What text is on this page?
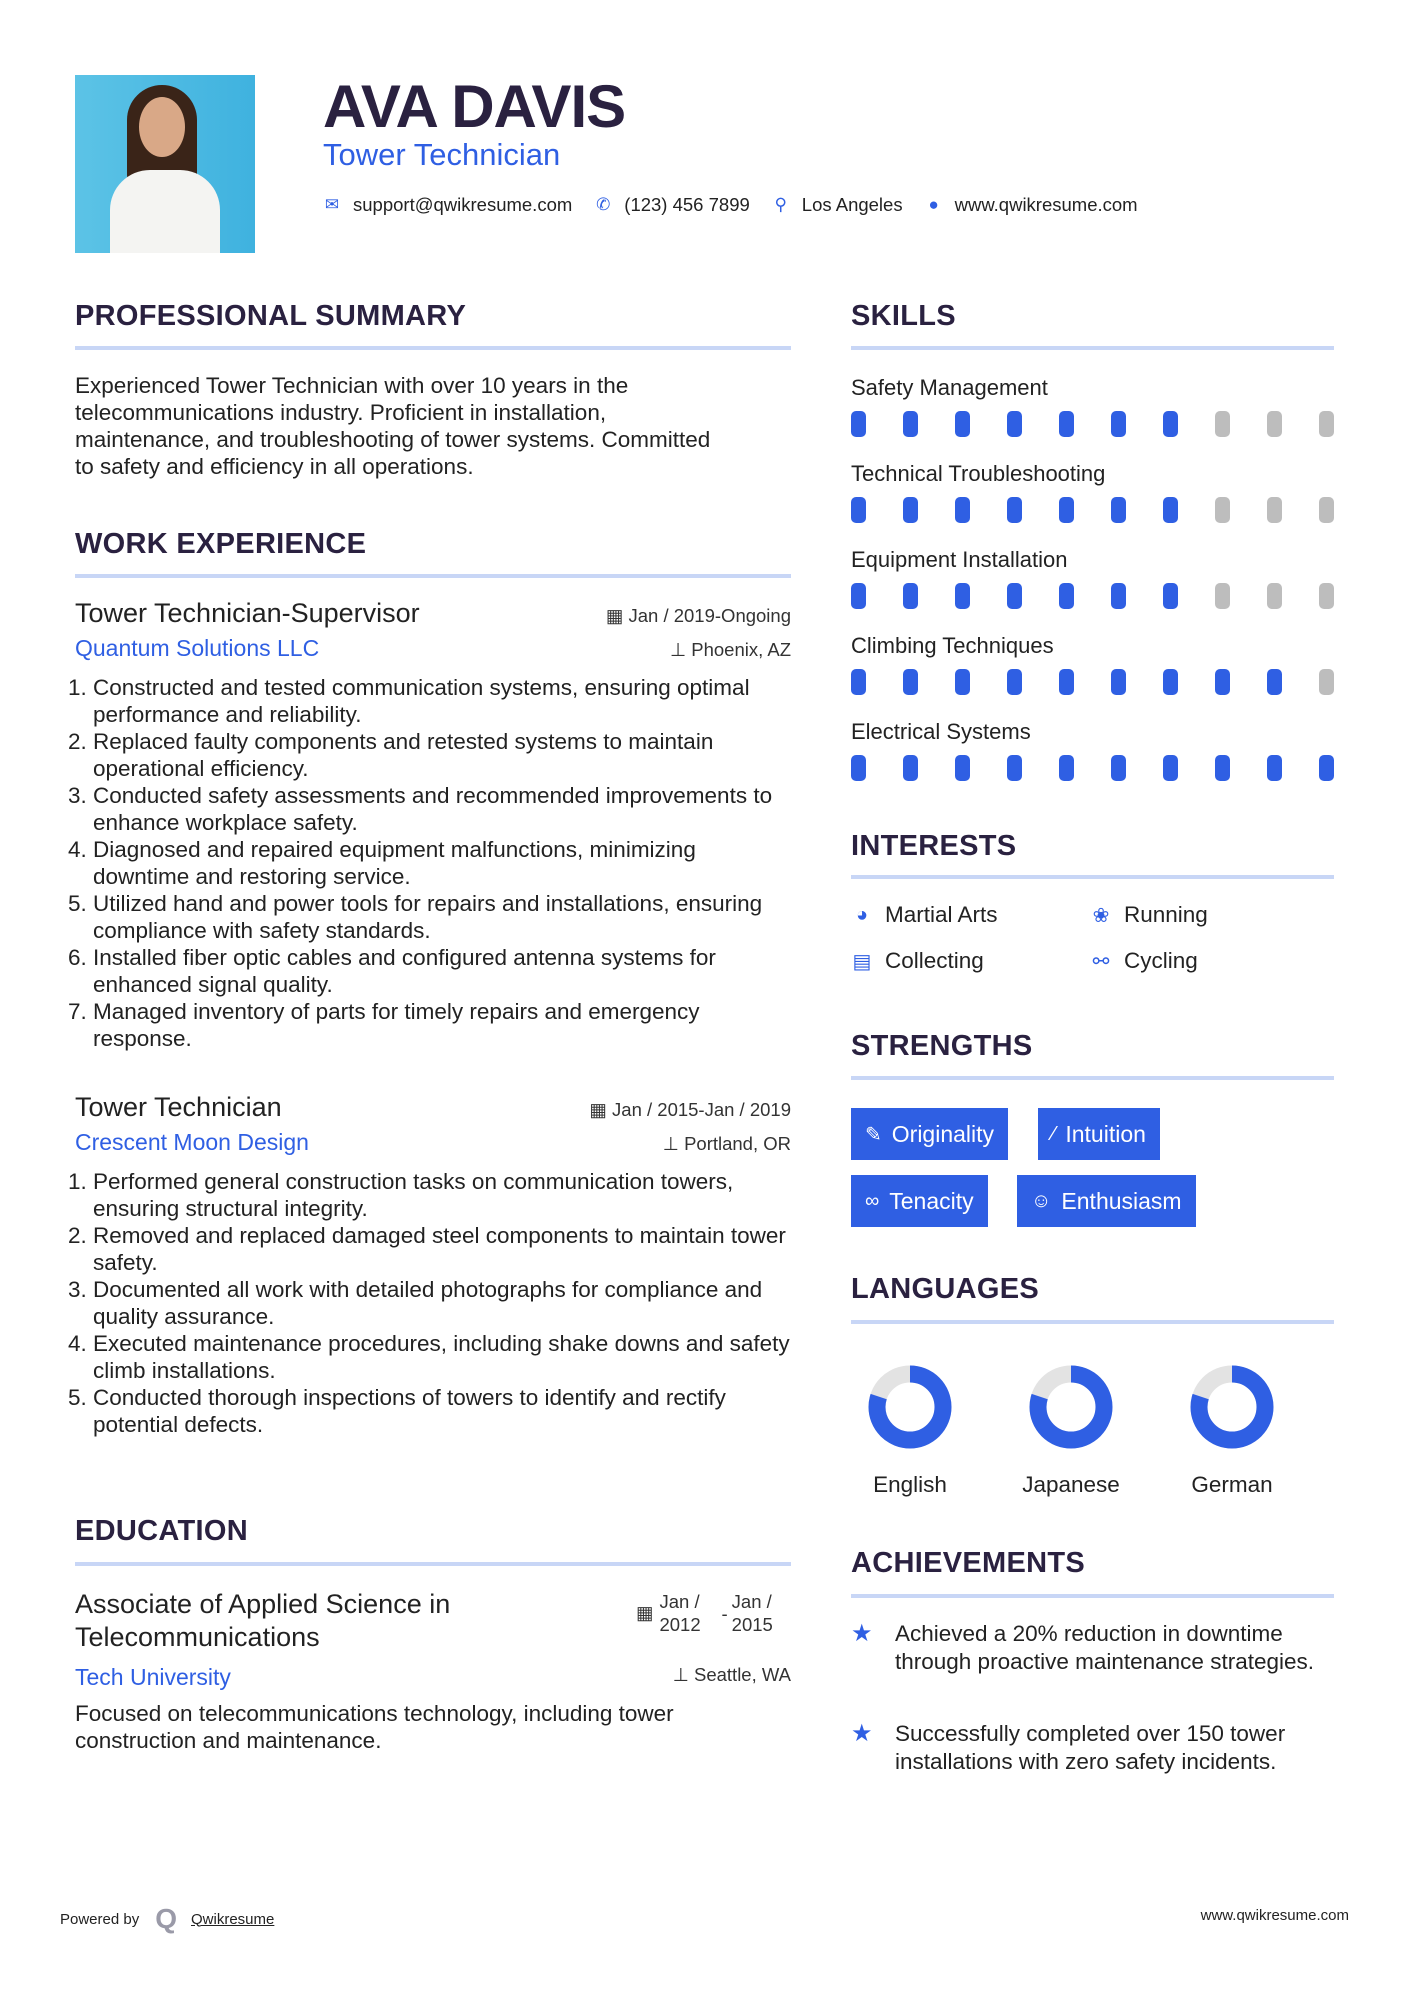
AVA DAVIS
Tower Technician
✉ support@qwikresume.com ✆ (123) 456 7899 ⚲ Los Angeles ● www.qwikresume.com
PROFESSIONAL SUMMARY
Experienced Tower Technician with over 10 years in the telecommunications industry. Proficient in installation, maintenance, and troubleshooting of tower systems. Committed to safety and efficiency in all operations.
WORK EXPERIENCE
Tower Technician-Supervisor	▦ Jan / 2019-Ongoing
Quantum Solutions LLC	⊥ Phoenix, AZ
1. Constructed and tested communication systems, ensuring optimal performance and reliability.
2. Replaced faulty components and retested systems to maintain operational efficiency.
3. Conducted safety assessments and recommended improvements to enhance workplace safety.
4. Diagnosed and repaired equipment malfunctions, minimizing downtime and restoring service.
5. Utilized hand and power tools for repairs and installations, ensuring compliance with safety standards.
6. Installed fiber optic cables and configured antenna systems for enhanced signal quality.
7. Managed inventory of parts for timely repairs and emergency response.
Tower Technician	▦ Jan / 2015-Jan / 2019
Crescent Moon Design	⊥ Portland, OR
1. Performed general construction tasks on communication towers, ensuring structural integrity.
2. Removed and replaced damaged steel components to maintain tower safety.
3. Documented all work with detailed photographs for compliance and quality assurance.
4. Executed maintenance procedures, including shake downs and safety climb installations.
5. Conducted thorough inspections of towers to identify and rectify potential defects.
EDUCATION
Associate of Applied Science in Telecommunications
▦
Jan / 2012
-
Jan / 2015
Tech University	⊥ Seattle, WA
Focused on telecommunications technology, including tower construction and maintenance.
SKILLS
Safety Management
Technical Troubleshooting
Equipment Installation
Climbing Techniques
Electrical Systems
INTERESTS
◕ Martial Arts	❀ Running
▤ Collecting	⚯ Cycling
STRENGTHS
✎ Originality	⁄ Intuition
∞ Tenacity	☺ Enthusiasm
LANGUAGES
English	Japanese	German
ACHIEVEMENTS
★ Achieved a 20% reduction in downtime through proactive maintenance strategies.
★ Successfully completed over 150 tower installations with zero safety incidents.
Powered by Q Qwikresume	www.qwikresume.com
